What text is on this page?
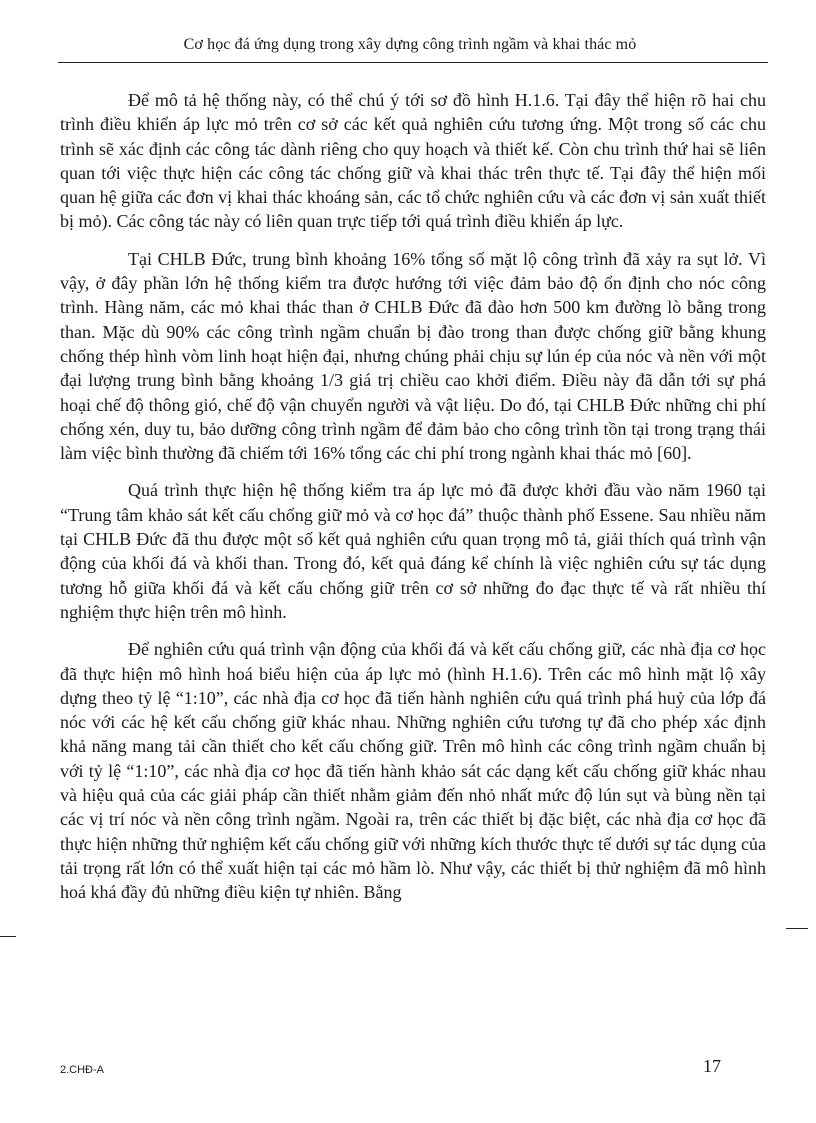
Cơ học đá ứng dụng trong xây dựng công trình ngầm và khai thác mỏ

Để mô tả hệ thống này, có thể chú ý tới sơ đồ hình H.1.6. Tại đây thể hiện rõ hai chu trình điều khiển áp lực mỏ trên cơ sở các kết quả nghiên cứu tương ứng. Một trong số các chu trình sẽ xác định các công tác dành riêng cho quy hoạch và thiết kế. Còn chu trình thứ hai sẽ liên quan tới việc thực hiện các công tác chống giữ và khai thác trên thực tế. Tại đây thể hiện mối quan hệ giữa các đơn vị khai thác khoáng sản, các tổ chức nghiên cứu và các đơn vị sản xuất thiết bị mỏ). Các công tác này có liên quan trực tiếp tới quá trình điều khiển áp lực.

Tại CHLB Đức, trung bình khoảng 16% tổng số mặt lộ công trình đã xảy ra sụt lở. Vì vậy, ở đây phần lớn hệ thống kiểm tra được hướng tới việc đảm bảo độ ổn định cho nóc công trình. Hàng năm, các mỏ khai thác than ở CHLB Đức đã đào hơn 500 km đường lò bằng trong than. Mặc dù 90% các công trình ngầm chuẩn bị đào trong than được chống giữ bằng khung chống thép hình vòm linh hoạt hiện đại, nhưng chúng phải chịu sự lún ép của nóc và nền với một đại lượng trung bình bằng khoảng 1/3 giá trị chiều cao khởi điểm. Điều này đã dẫn tới sự phá hoại chế độ thông gió, chế độ vận chuyển người và vật liệu. Do đó, tại CHLB Đức những chi phí chống xén, duy tu, bảo dưỡng công trình ngầm để đảm bảo cho công trình tồn tại trong trạng thái làm việc bình thường đã chiếm tới 16% tổng các chi phí trong ngành khai thác mỏ [60].

Quá trình thực hiện hệ thống kiểm tra áp lực mỏ đã được khởi đầu vào năm 1960 tại “Trung tâm khảo sát kết cấu chống giữ mỏ và cơ học đá” thuộc thành phố Essene. Sau nhiều năm tại CHLB Đức đã thu được một số kết quả nghiên cứu quan trọng mô tả, giải thích quá trình vận động của khối đá và khối than. Trong đó, kết quả đáng kể chính là việc nghiên cứu sự tác dụng tương hỗ giữa khối đá và kết cấu chống giữ trên cơ sở những đo đạc thực tế và rất nhiều thí nghiệm thực hiện trên mô hình.

Để nghiên cứu quá trình vận động của khối đá và kết cấu chống giữ, các nhà địa cơ học đã thực hiện mô hình hoá biểu hiện của áp lực mỏ (hình H.1.6). Trên các mô hình mặt lộ xây dựng theo tỷ lệ “1:10”, các nhà địa cơ học đã tiến hành nghiên cứu quá trình phá huỷ của lớp đá nóc với các hệ kết cấu chống giữ khác nhau. Những nghiên cứu tương tự đã cho phép xác định khả năng mang tải cần thiết cho kết cấu chống giữ. Trên mô hình các công trình ngầm chuẩn bị với tỷ lệ “1:10”, các nhà địa cơ học đã tiến hành khảo sát các dạng kết cấu chống giữ khác nhau và hiệu quả của các giải pháp cần thiết nhằm giảm đến nhỏ nhất mức độ lún sụt và bùng nền tại các vị trí nóc và nền công trình ngầm. Ngoài ra, trên các thiết bị đặc biệt, các nhà địa cơ học đã thực hiện những thử nghiệm kết cấu chống giữ với những kích thước thực tế dưới sự tác dụng của tải trọng rất lớn có thể xuất hiện tại các mỏ hầm lò. Như vậy, các thiết bị thử nghiệm đã mô hình hoá khá đầy đủ những điều kiện tự nhiên. Bằng

2.CHĐ-A	17
